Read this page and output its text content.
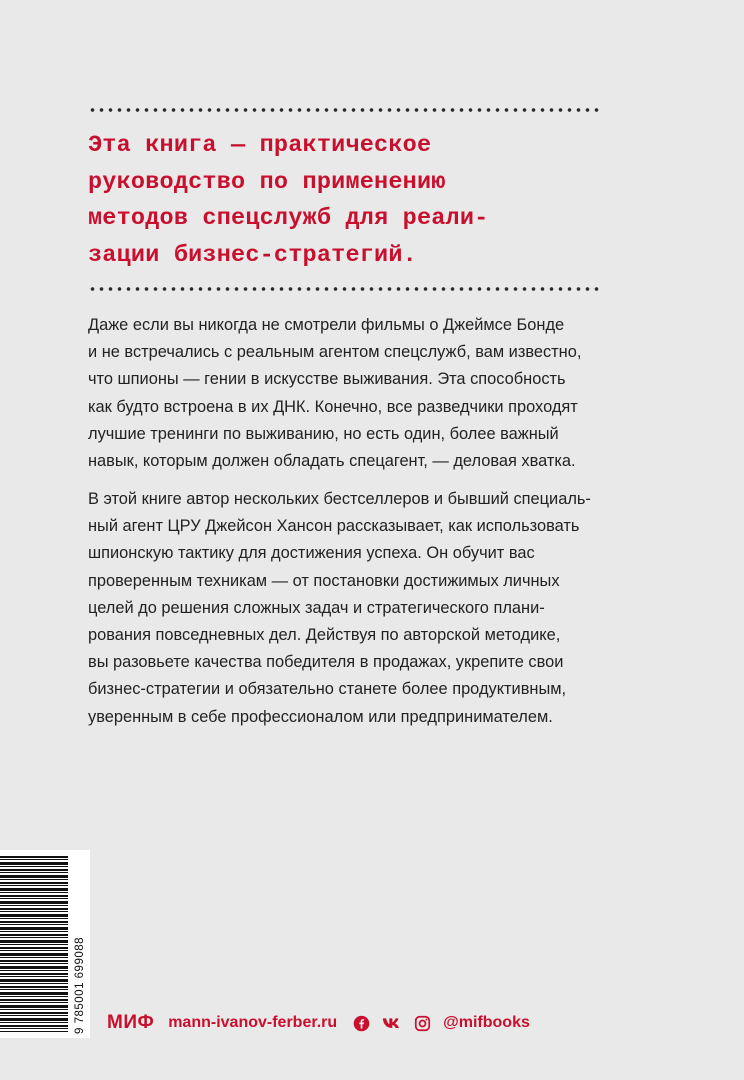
Эта книга — практическое
руководство по применению
методов спецслужб для реали-
зации бизнес-стратегий.

Даже если вы никогда не смотрели фильмы о Джеймсе Бонде
и не встречались с реальным агентом спецслужб, вам известно,
что шпионы — гении в искусстве выживания. Эта способность
как будто встроена в их ДНК. Конечно, все разведчики проходят
лучшие тренинги по выживанию, но есть один, более важный
навык, которым должен обладать спецагент, — деловая хватка.

В этой книге автор нескольких бестселлеров и бывший специаль-
ный агент ЦРУ Джейсон Хансон рассказывает, как использовать
шпионскую тактику для достижения успеха. Он обучит вас
проверенным техникам — от постановки достижимых личных
целей до решения сложных задач и стратегического плани-
рования повседневных дел. Действуя по авторской методике,
вы разовьете качества победителя в продажах, укрепите свои
бизнес-стратегии и обязательно станете более продуктивным,
уверенным в себе профессионалом или предпринимателем.

9 785001 699088 МИФ mann-ivanov-ferber.ru	@mifbooks
